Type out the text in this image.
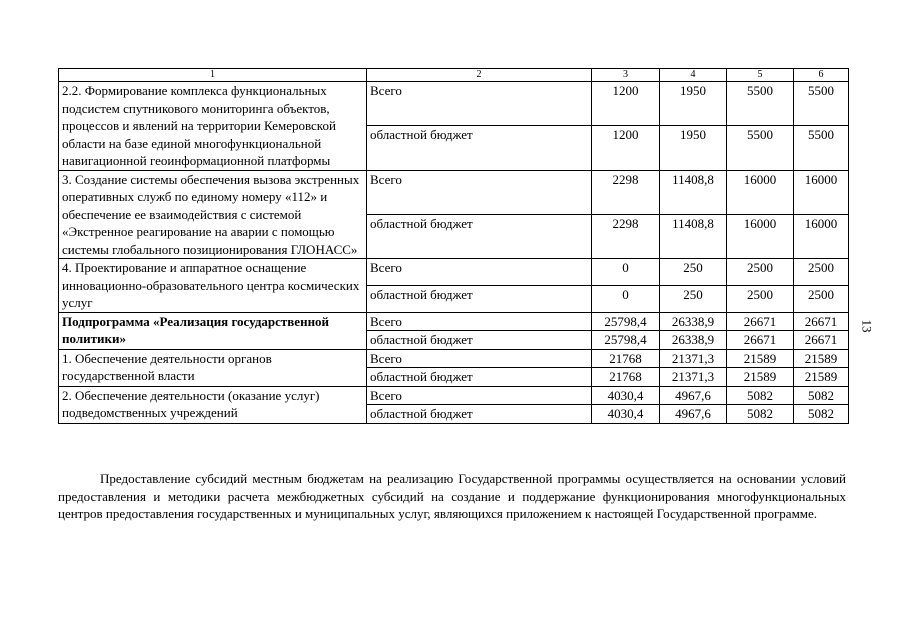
1	2	3	4	5	6
2.2. Формирование комплекса функциональных подсистем спутникового мониторинга объектов, процессов и явлений на территории Кемеровской области на базе единой многофункциональной навигационной геоинформационной платформы	Всего	1200	1950	5500	5500
	областной бюджет	1200	1950	5500	5500
3. Создание системы обеспечения вызова экстренных оперативных служб по единому номеру «112» и обеспечение ее взаимодействия с системой «Экстренное реагирование на аварии с помощью системы глобального позиционирования ГЛОНАСС»	Всего	2298	11408,8	16000	16000
	областной бюджет	2298	11408,8	16000	16000
4. Проектирование и аппаратное оснащение инновационно-образовательного центра космических услуг	Всего	0	250	2500	2500
	областной бюджет	0	250	2500	2500
Подпрограмма «Реализация государственной политики»	Всего	25798,4	26338,9	26671	26671
	областной бюджет	25798,4	26338,9	26671	26671
1. Обеспечение деятельности органов государственной власти	Всего	21768	21371,3	21589	21589
	областной бюджет	21768	21371,3	21589	21589
2. Обеспечение деятельности (оказание услуг) подведомственных учреждений	Всего	4030,4	4967,6	5082	5082
	областной бюджет	4030,4	4967,6	5082	5082
13

Предоставление субсидий местным бюджетам на реализацию Государственной программы осуществляется на основании условий предоставления и методики расчета межбюджетных субсидий на создание и поддержание функционирования многофункциональных центров предоставления государственных и муниципальных услуг, являющихся приложением к настоящей Государственной программе.
